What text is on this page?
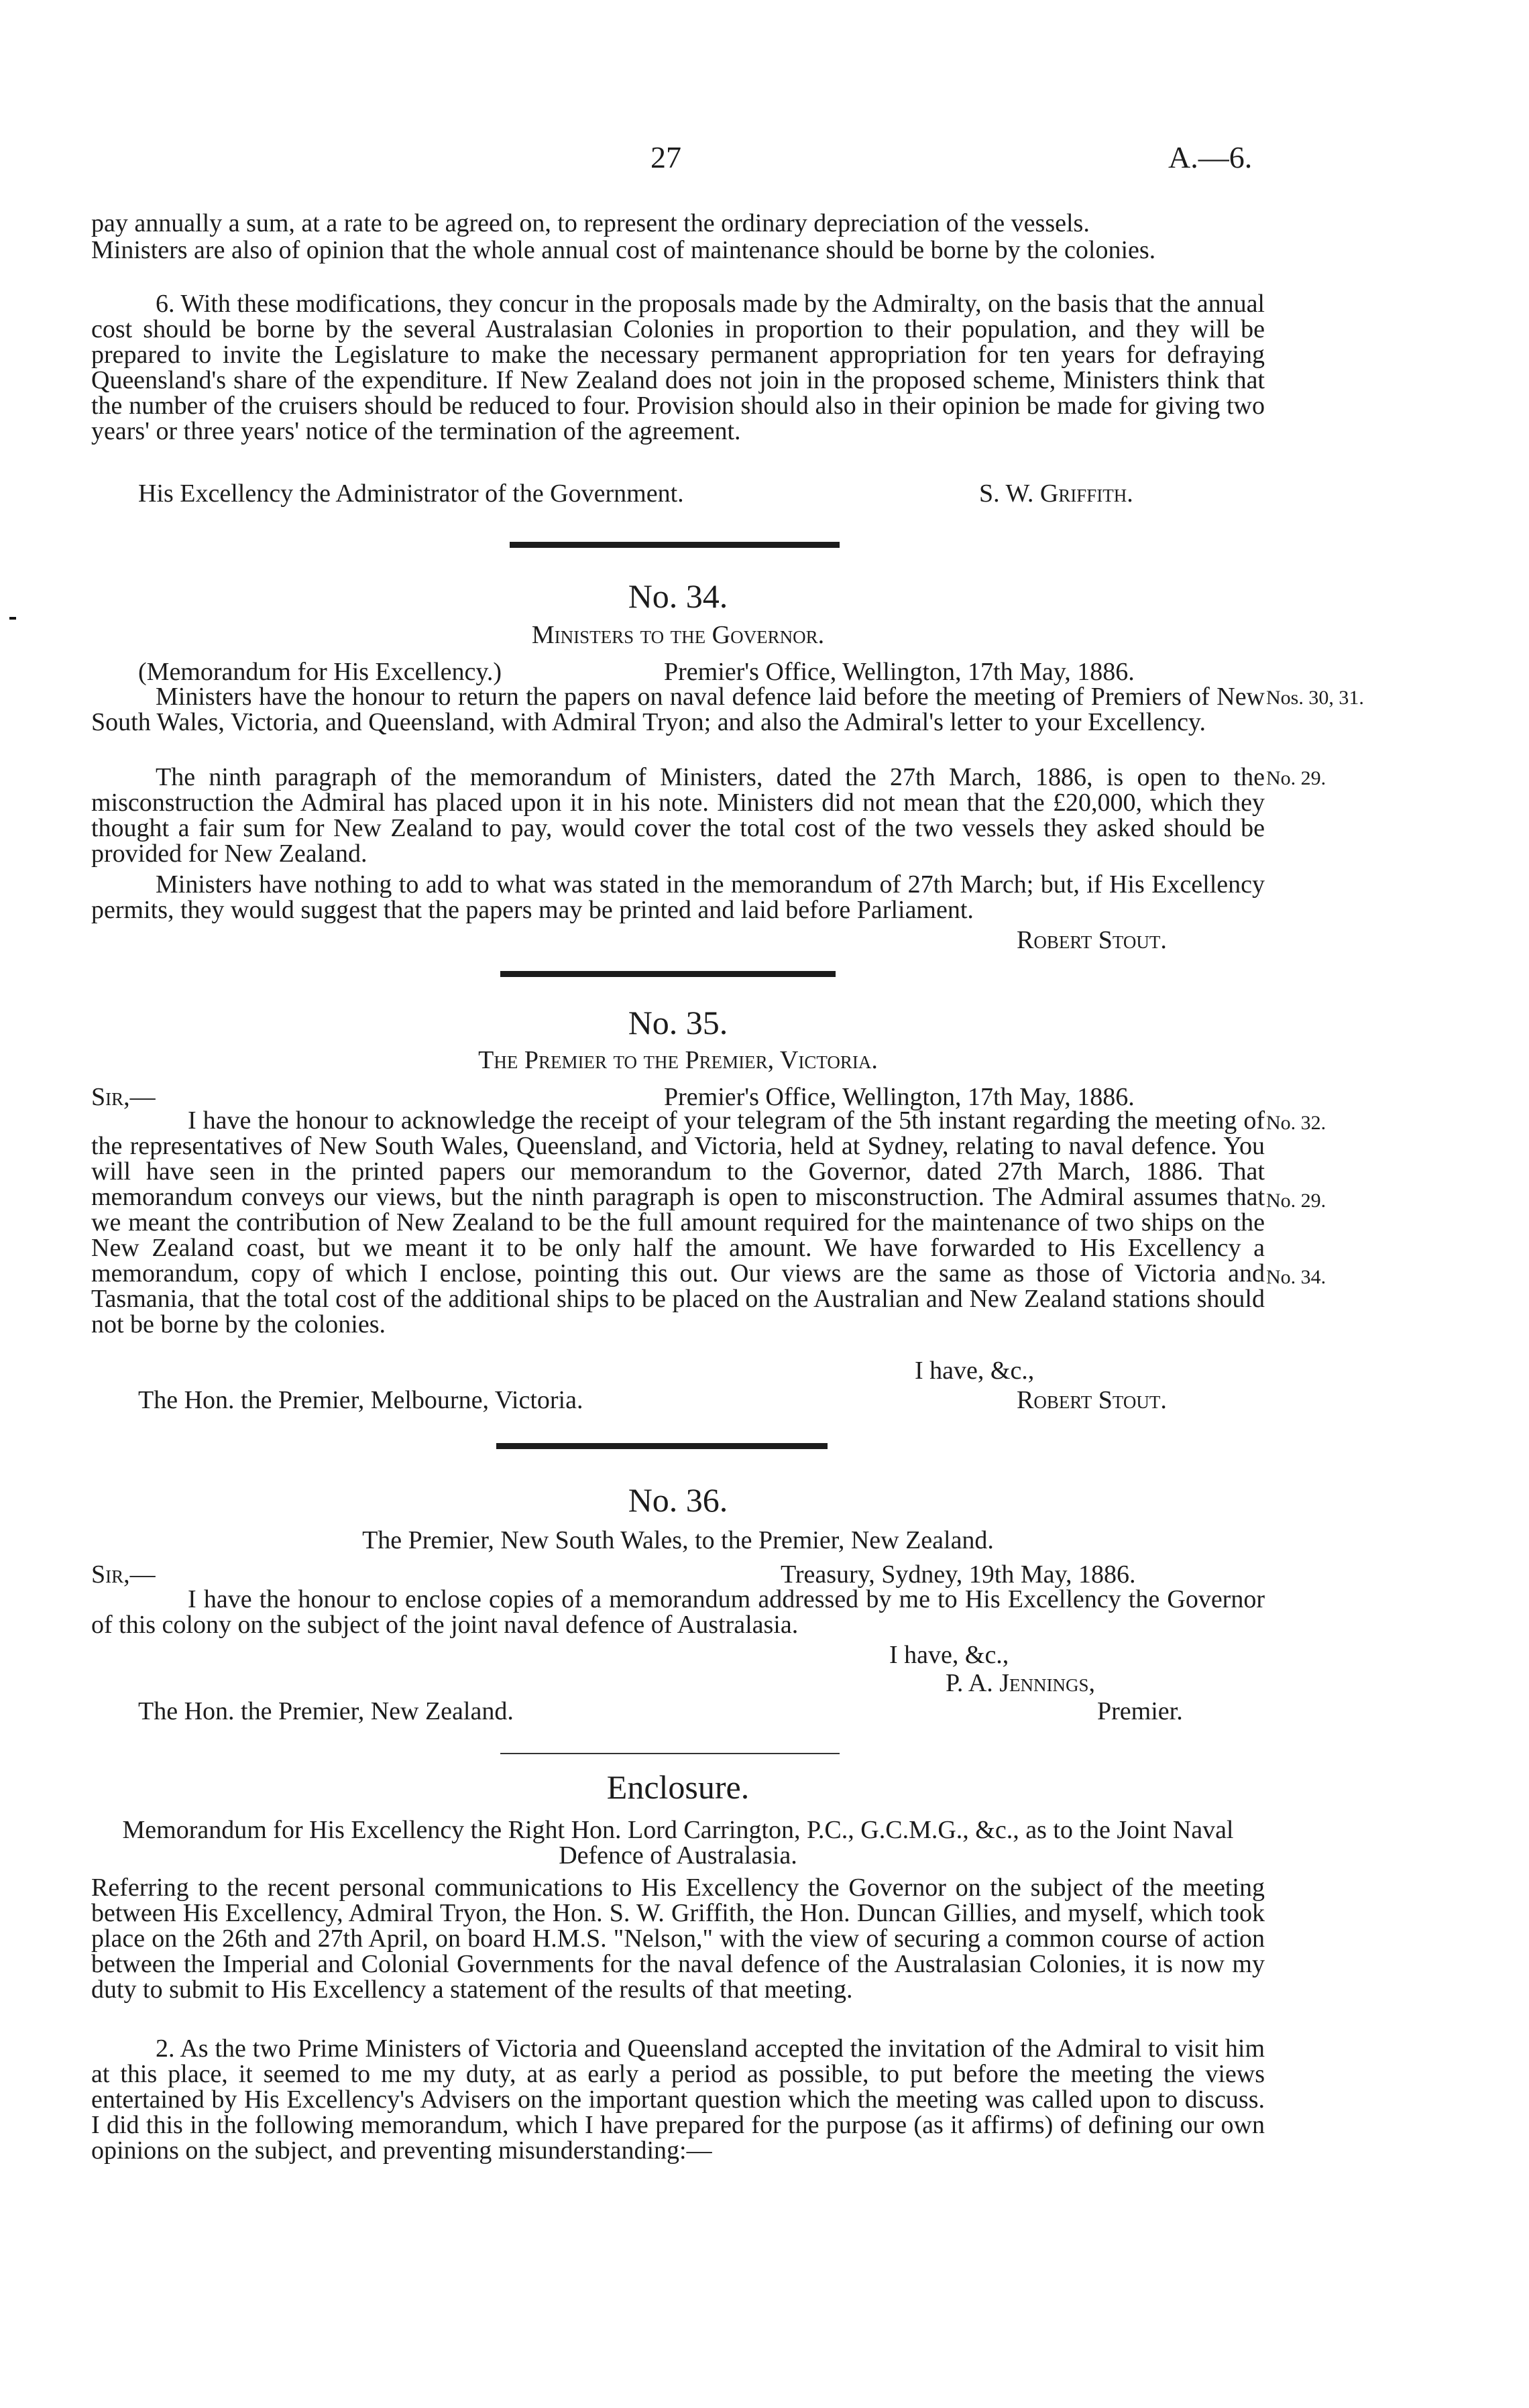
27	A.—6.
pay annually a sum, at a rate to be agreed on, to represent the ordinary depreciation of the vessels.
Ministers are also of opinion that the whole annual cost of maintenance should be borne by the colonies.
6. With these modifications, they concur in the proposals made by the Admiralty, on the basis that the annual cost should be borne by the several Australasian Colonies in proportion to their population, and they will be prepared to invite the Legislature to make the necessary permanent appropriation for ten years for defraying Queensland's share of the expenditure. If New Zealand does not join in the proposed scheme, Ministers think that the number of the cruisers should be reduced to four. Provision should also in their opinion be made for giving two years' or three years' notice of the termination of the agreement.
His Excellency the Administrator of the Government.	S. W. Griffith.
No. 34.
Ministers to the Governor.
(Memorandum for His Excellency.)	Premier's Office, Wellington, 17th May, 1886.
Ministers have the honour to return the papers on naval defence laid before the meeting of Premiers of New South Wales, Victoria, and Queensland, with Admiral Tryon; and also the Admiral's letter to your Excellency.
The ninth paragraph of the memorandum of Ministers, dated the 27th March, 1886, is open to the misconstruction the Admiral has placed upon it in his note. Ministers did not mean that the £20,000, which they thought a fair sum for New Zealand to pay, would cover the total cost of the two vessels they asked should be provided for New Zealand.
Ministers have nothing to add to what was stated in the memorandum of 27th March; but, if His Excellency permits, they would suggest that the papers may be printed and laid before Parliament.
Robert Stout.
Nos. 30, 31.
No. 29.
No. 35.
The Premier to the Premier, Victoria.
Sir,—	Premier's Office, Wellington, 17th May, 1886.
I have the honour to acknowledge the receipt of your telegram of the 5th instant regarding the meeting of the representatives of New South Wales, Queensland, and Victoria, held at Sydney, relating to naval defence. You will have seen in the printed papers our memorandum to the Governor, dated 27th March, 1886. That memorandum conveys our views, but the ninth paragraph is open to misconstruction. The Admiral assumes that we meant the contribution of New Zealand to be the full amount required for the maintenance of two ships on the New Zealand coast, but we meant it to be only half the amount. We have forwarded to His Excellency a memorandum, copy of which I enclose, pointing this out. Our views are the same as those of Victoria and Tasmania, that the total cost of the additional ships to be placed on the Australian and New Zealand stations should not be borne by the colonies.
I have, &c.,
The Hon. the Premier, Melbourne, Victoria.	Robert Stout.
No. 32.
No. 29.
No. 34.
No. 36.
The Premier, New South Wales, to the Premier, New Zealand.
Sir,—	Treasury, Sydney, 19th May, 1886.
I have the honour to enclose copies of a memorandum addressed by me to His Excellency the Governor of this colony on the subject of the joint naval defence of Australasia.
I have, &c.,
P. A. Jennings,
The Hon. the Premier, New Zealand.	Premier.
Enclosure.
Memorandum for His Excellency the Right Hon. Lord Carrington, P.C., G.C.M.G., &c., as to the Joint Naval Defence of Australasia.
Referring to the recent personal communications to His Excellency the Governor on the subject of the meeting between His Excellency, Admiral Tryon, the Hon. S. W. Griffith, the Hon. Duncan Gillies, and myself, which took place on the 26th and 27th April, on board H.M.S. "Nelson," with the view of securing a common course of action between the Imperial and Colonial Governments for the naval defence of the Australasian Colonies, it is now my duty to submit to His Excellency a statement of the results of that meeting.
2. As the two Prime Ministers of Victoria and Queensland accepted the invitation of the Admiral to visit him at this place, it seemed to me my duty, at as early a period as possible, to put before the meeting the views entertained by His Excellency's Advisers on the important question which the meeting was called upon to discuss. I did this in the following memorandum, which I have prepared for the purpose (as it affirms) of defining our own opinions on the subject, and preventing misunderstanding:—
